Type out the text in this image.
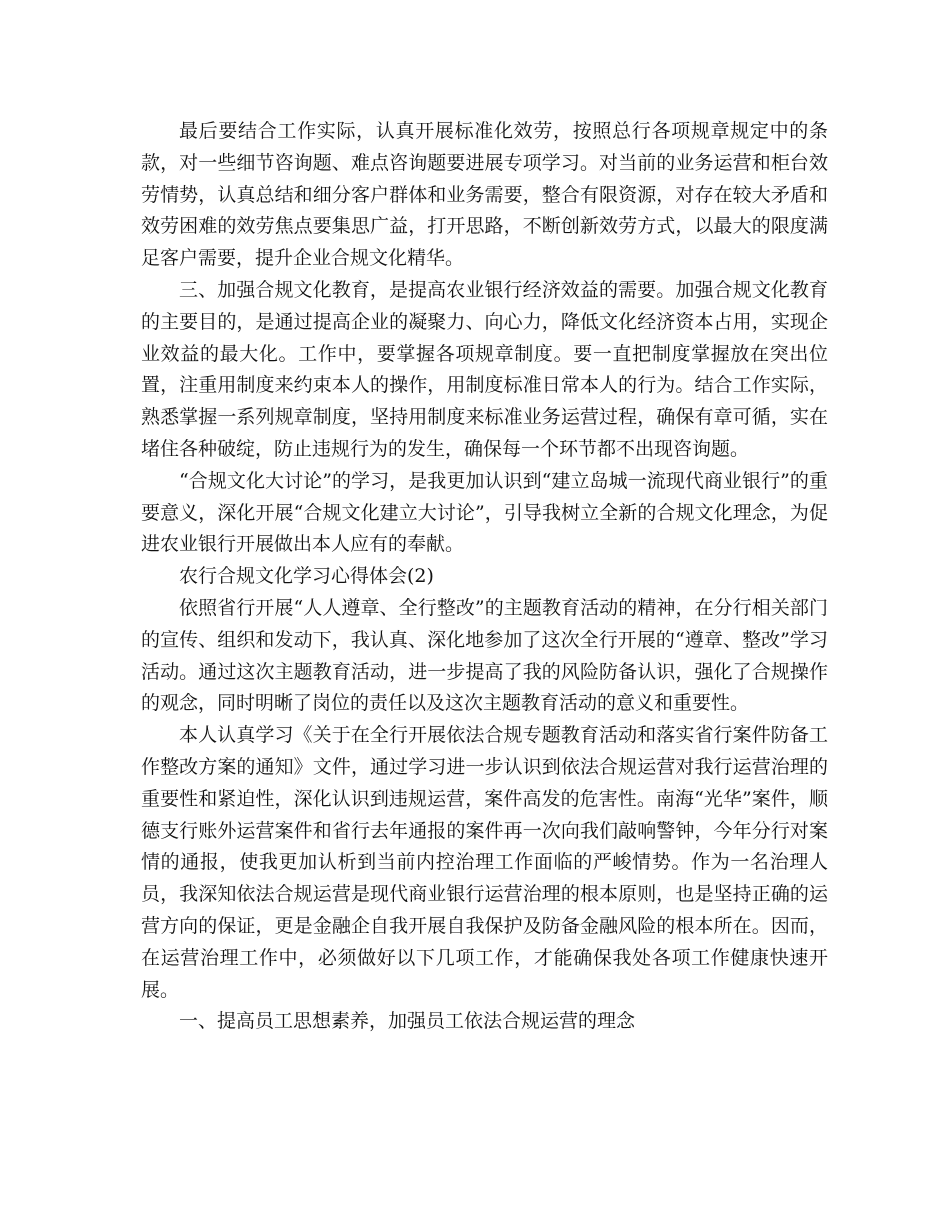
最后要结合工作实际，认真开展标准化效劳，按照总行各项规章规定中的条款，对一些细节咨询题、难点咨询题要进展专项学习。对当前的业务运营和柜台效劳情势，认真总结和细分客户群体和业务需要，整合有限资源，对存在较大矛盾和效劳困难的效劳焦点要集思广益，打开思路，不断创新效劳方式，以最大的限度满足客户需要，提升企业合规文化精华。

三、加强合规文化教育，是提高农业银行经济效益的需要。加强合规文化教育的主要目的，是通过提高企业的凝聚力、向心力，降低文化经济资本占用，实现企业效益的最大化。工作中，要掌握各项规章制度。要一直把制度掌握放在突出位置，注重用制度来约束本人的操作，用制度标准日常本人的行为。结合工作实际，熟悉掌握一系列规章制度，坚持用制度来标准业务运营过程，确保有章可循，实在堵住各种破绽，防止违规行为的发生，确保每一个环节都不出现咨询题。

“合规文化大讨论”的学习，是我更加认识到“建立岛城一流现代商业银行”的重要意义，深化开展“合规文化建立大讨论”，引导我树立全新的合规文化理念，为促进农业银行开展做出本人应有的奉献。

农行合规文化学习心得体会(2)

依照省行开展“人人遵章、全行整改”的主题教育活动的精神，在分行相关部门的宣传、组织和发动下，我认真、深化地参加了这次全行开展的“遵章、整改”学习活动。通过这次主题教育活动，进一步提高了我的风险防备认识，强化了合规操作的观念，同时明晰了岗位的责任以及这次主题教育活动的意义和重要性。

本人认真学习《关于在全行开展依法合规专题教育活动和落实省行案件防备工作整改方案的通知》文件，通过学习进一步认识到依法合规运营对我行运营治理的重要性和紧迫性，深化认识到违规运营，案件高发的危害性。南海“光华”案件，顺德支行账外运营案件和省行去年通报的案件再一次向我们敲响警钟，今年分行对案情的通报，使我更加认析到当前内控治理工作面临的严峻情势。作为一名治理人员，我深知依法合规运营是现代商业银行运营治理的根本原则，也是坚持正确的运营方向的保证，更是金融企自我开展自我保护及防备金融风险的根本所在。因而，在运营治理工作中，必须做好以下几项工作，才能确保我处各项工作健康快速开展。

一、提高员工思想素养，加强员工依法合规运营的理念
